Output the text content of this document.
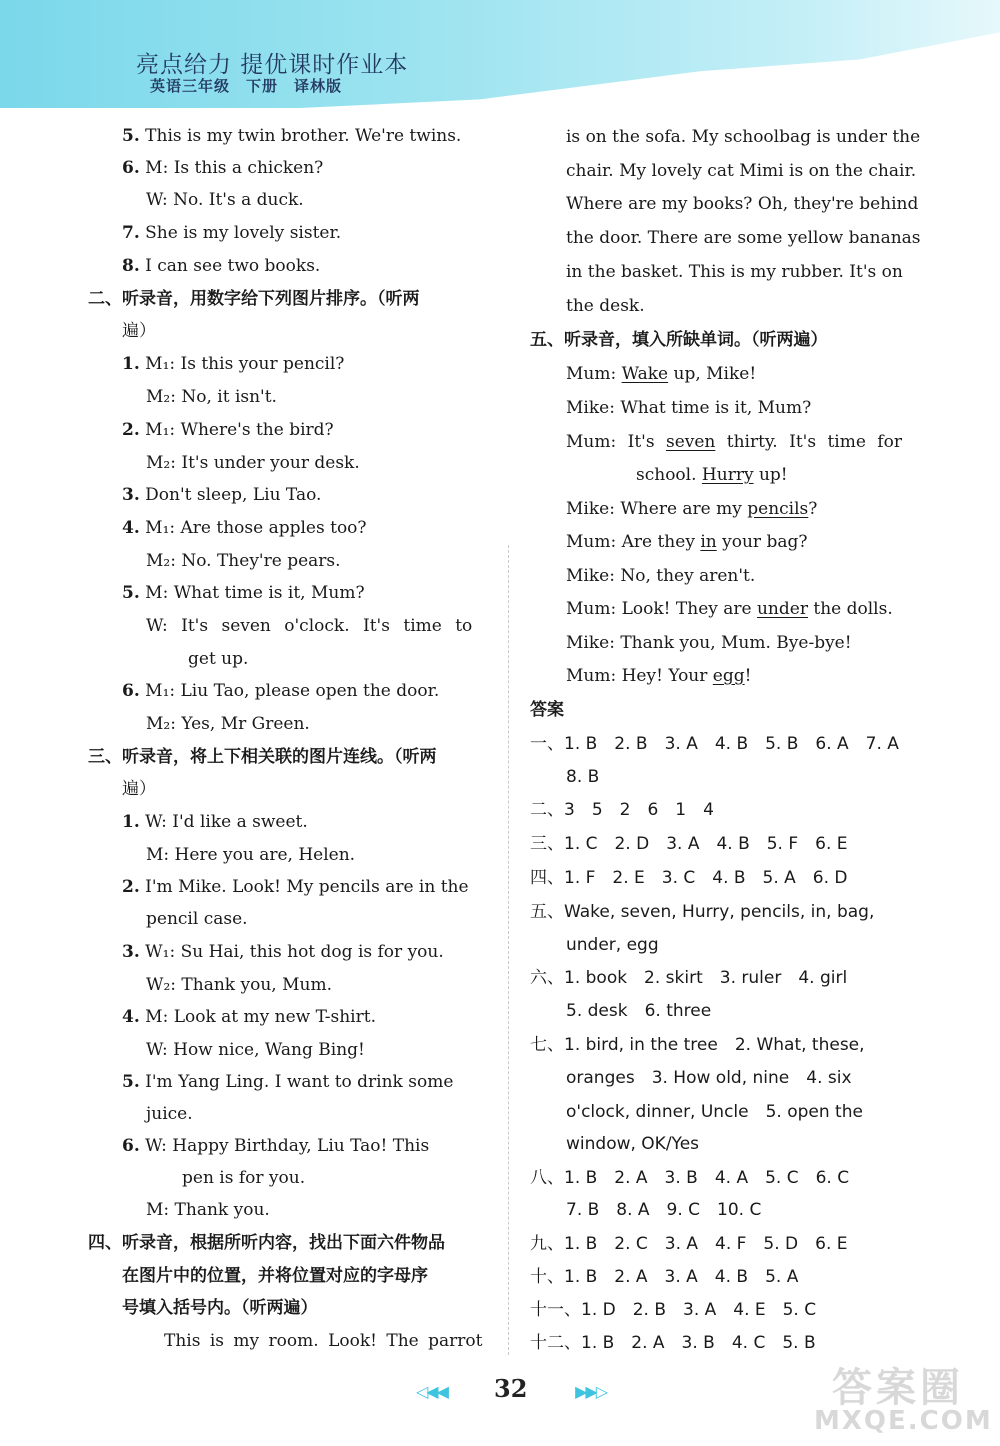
亮点给力 提优课时作业本
英语三年级　下册　译林版
5. This is my twin brother. We're twins.
6. M: Is this a chicken?
W: No. It's a duck.
7. She is my lovely sister.
8. I can see two books.
二、听录音，用数字给下列图片排序。（听两
遍）
1. M₁: Is this your pencil?
M₂: No, it isn't.
2. M₁: Where's the bird?
M₂: It's under your desk.
3. Don't sleep, Liu Tao.
4. M₁: Are those apples too?
M₂: No. They're pears.
5. M: What time is it, Mum?
W: It's seven o'clock. It's time to
get up.
6. M₁: Liu Tao, please open the door.
M₂: Yes, Mr Green.
三、听录音，将上下相关联的图片连线。（听两
遍）
1. W: I'd like a sweet.
M: Here you are, Helen.
2. I'm Mike. Look! My pencils are in the
pencil case.
3. W₁: Su Hai, this hot dog is for you.
W₂: Thank you, Mum.
4. M: Look at my new T-shirt.
W: How nice, Wang Bing!
5. I'm Yang Ling. I want to drink some
juice.
6. W: Happy Birthday, Liu Tao! This
pen is for you.
M: Thank you.
四、听录音，根据所听内容，找出下面六件物品
在图片中的位置，并将位置对应的字母序
号填入括号内。（听两遍）
This is my room. Look! The parrot
is on the sofa. My schoolbag is under the
chair. My lovely cat Mimi is on the chair.
Where are my books? Oh, they're behind
the door. There are some yellow bananas
in the basket. This is my rubber. It's on
the desk.
五、听录音，填入所缺单词。（听两遍）
Mum: Wake up, Mike!
Mike: What time is it, Mum?
Mum: It's seven thirty. It's time for
school. Hurry up!
Mike: Where are my pencils?
Mum: Are they in your bag?
Mike: No, they aren't.
Mum: Look! They are under the dolls.
Mike: Thank you, Mum. Bye-bye!
Mum: Hey! Your egg!
答案
一、1. B　2. B　3. A　4. B　5. B　6. A　7. A
8. B
二、3　5　2　6　1　4
三、1. C　2. D　3. A　4. B　5. F　6. E
四、1. F　2. E　3. C　4. B　5. A　6. D
五、Wake, seven, Hurry, pencils, in, bag,
under, egg
六、1. book　2. skirt　3. ruler　4. girl
5. desk　6. three
七、1. bird, in the tree　2. What, these,
oranges　3. How old, nine　4. six
o'clock, dinner, Uncle　5. open the
window, OK/Yes
八、1. B　2. A　3. B　4. A　5. C　6. C
7. B　8. A　9. C　10. C
九、1. B　2. C　3. A　4. F　5. D　6. E
十、1. B　2. A　3. A　4. B　5. A
十一、1. D　2. B　3. A　4. E　5. C
十二、1. B　2. A　3. B　4. C　5. B
◁◀◀ 32	▶▶▷	答案圈
MXQE.COM
